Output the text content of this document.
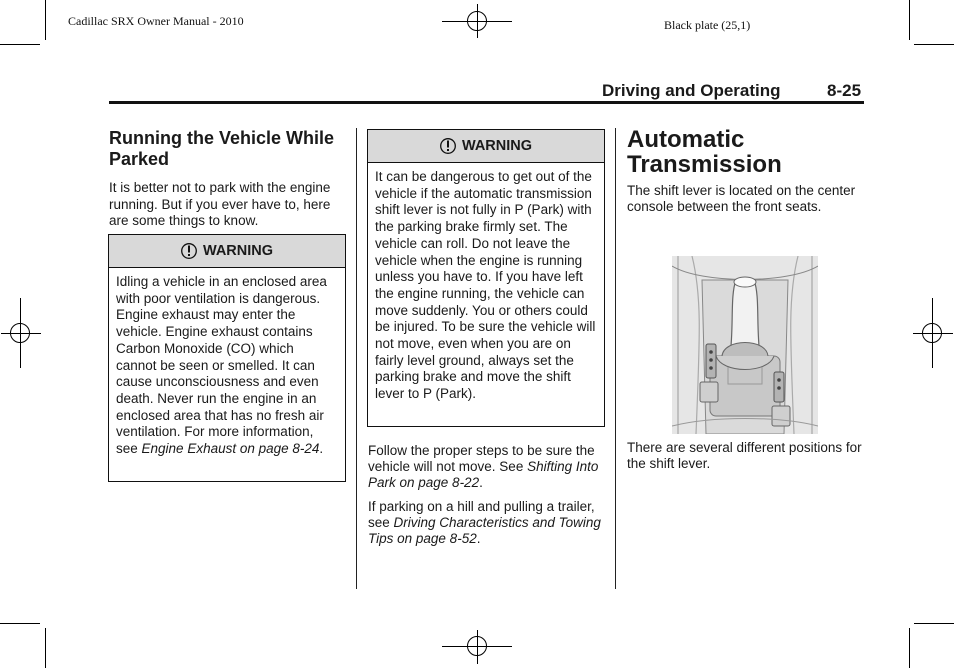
Cadillac SRX Owner Manual - 2010	Black plate (25,1)
Driving and Operating	8-25
Running the Vehicle While Parked

It is better not to park with the engine running. But if you ever have to, here are some things to know.

WARNING
Idling a vehicle in an enclosed area with poor ventilation is dangerous. Engine exhaust may enter the vehicle. Engine exhaust contains Carbon Monoxide (CO) which cannot be seen or smelled. It can cause unconsciousness and even death. Never run the engine in an enclosed area that has no fresh air ventilation. For more information, see Engine Exhaust on page 8-24.
WARNING
It can be dangerous to get out of the vehicle if the automatic transmission shift lever is not fully in P (Park) with the parking brake firmly set. The vehicle can roll. Do not leave the vehicle when the engine is running unless you have to. If you have left the engine running, the vehicle can move suddenly. You or others could be injured. To be sure the vehicle will not move, even when you are on fairly level ground, always set the parking brake and move the shift lever to P (Park).

Follow the proper steps to be sure the vehicle will not move. See Shifting Into Park on page 8-22.

If parking on a hill and pulling a trailer, see Driving Characteristics and Towing Tips on page 8-52.

Automatic Transmission

The shift lever is located on the center console between the front seats.

There are several different positions for the shift lever.
